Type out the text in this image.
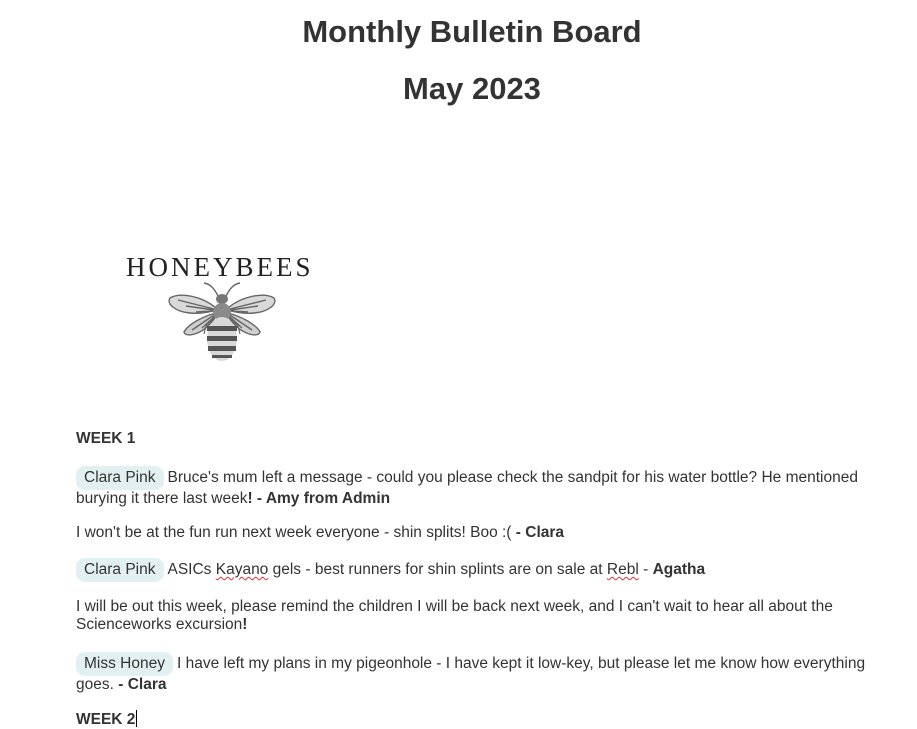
Monthly Bulletin Board
May 2023
HONEYBEES

WEEK 1

Clara Pink Bruce's mum left a message - could you please check the sandpit for his water bottle? He mentioned burying it there last week! - Amy from Admin

I won't be at the fun run next week everyone - shin splits! Boo :( - Clara

Clara Pink ASICs Kayano gels - best runners for shin splints are on sale at Rebl - Agatha

I will be out this week, please remind the children I will be back next week, and I can't wait to hear all about the Scienceworks excursion!

Miss Honey I have left my plans in my pigeonhole - I have kept it low-key, but please let me know how everything goes. - Clara

WEEK 2
